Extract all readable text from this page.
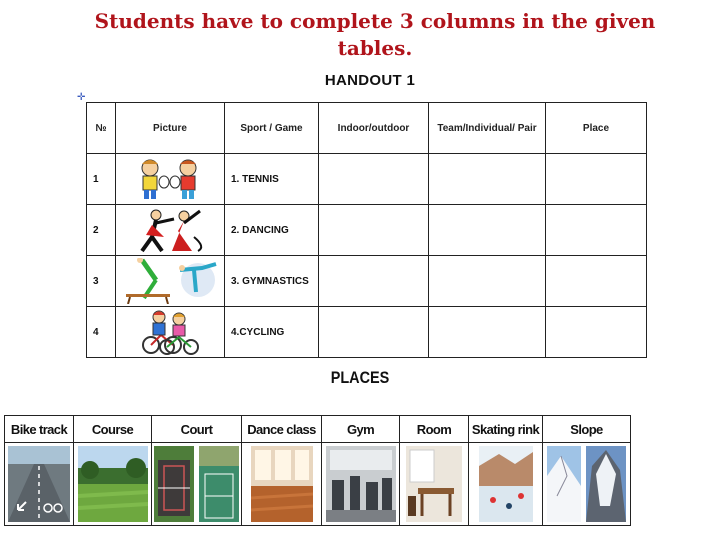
Students have to complete 3 columns in the given tables.
HANDOUT 1
✛
№	Picture	Sport / Game	Indoor/outdoor	Team/Individual/ Pair	Place
1		1. TENNIS			
2		2. DANCING			
3		3. GYMNASTICS			
4		4.CYCLING			
PLACES
Bike track	Course	Court	Dance class	Gym	Room	Skating rink	Slope
